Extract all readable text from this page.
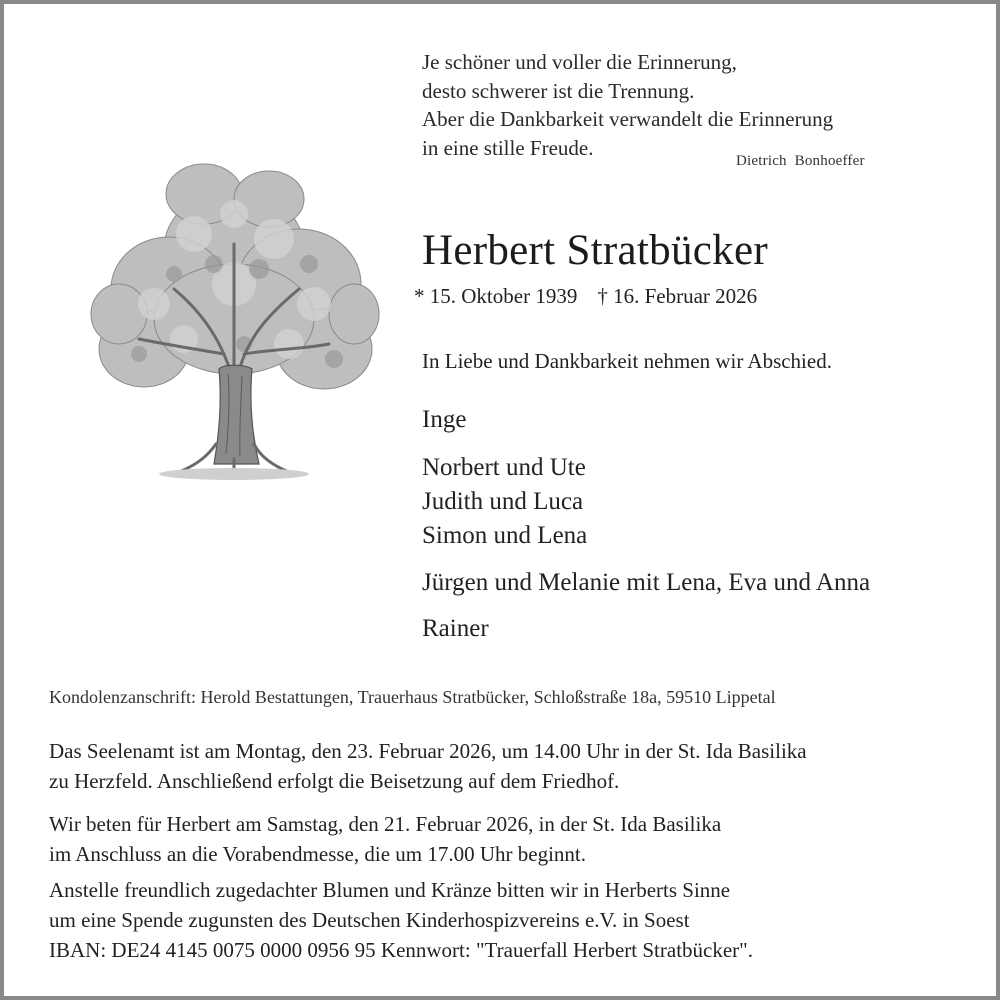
Je schöner und voller die Erinnerung,
desto schwerer ist die Trennung.
Aber die Dankbarkeit verwandelt die Erinnerung
in eine stille Freude.
Dietrich  Bonhoeffer
Herbert Stratbücker
* 15. Oktober 1939 † 16. Februar 2026
In Liebe und Dankbarkeit nehmen wir Abschied.
Inge
Norbert und Ute
Judith und Luca
Simon und Lena
Jürgen und Melanie mit Lena, Eva und Anna
Rainer
Kondolenzanschrift: Herold Bestattungen, Trauerhaus Stratbücker, Schloßstraße 18a, 59510 Lippetal
Das Seelenamt ist am Montag, den 23. Februar 2026, um 14.00 Uhr in der St. Ida Basilika
zu Herzfeld. Anschließend erfolgt die Beisetzung auf dem Friedhof.
Wir beten für Herbert am Samstag, den 21. Februar 2026, in der St. Ida Basilika
im Anschluss an die Vorabendmesse, die um 17.00 Uhr beginnt.
Anstelle freundlich zugedachter Blumen und Kränze bitten wir in Herberts Sinne
um eine Spende zugunsten des Deutschen Kinderhospizvereins e.V. in Soest
IBAN: DE24 4145 0075 0000 0956 95 Kennwort: "Trauerfall Herbert Stratbücker".
